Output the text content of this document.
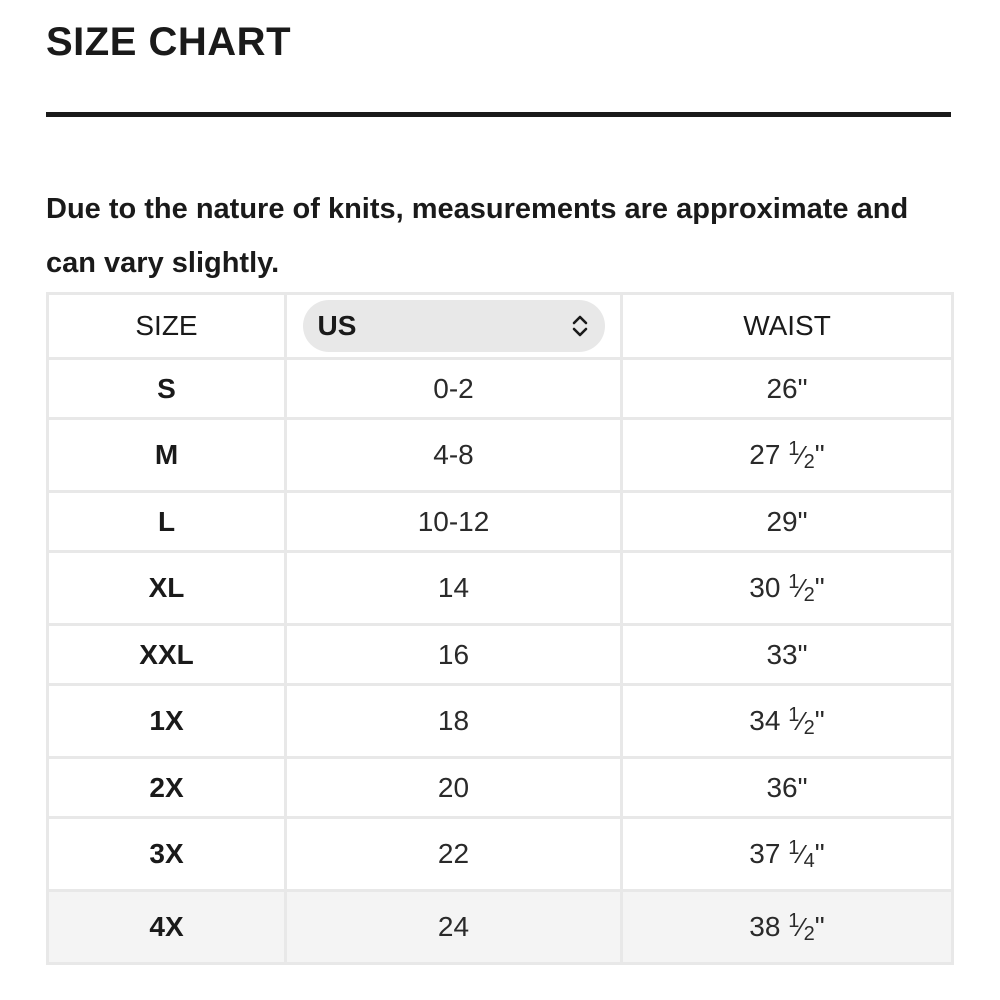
SIZE CHART

Due to the nature of knits, measurements are approximate and can vary slightly.

SIZE	US	WAIST
S	0-2	26"
M	4-8	27 1⁄2"
L	10-12	29"
XL	14	30 1⁄2"
XXL	16	33"
1X	18	34 1⁄2"
2X	20	36"
3X	22	37 1⁄4"
4X	24	38 1⁄2"
